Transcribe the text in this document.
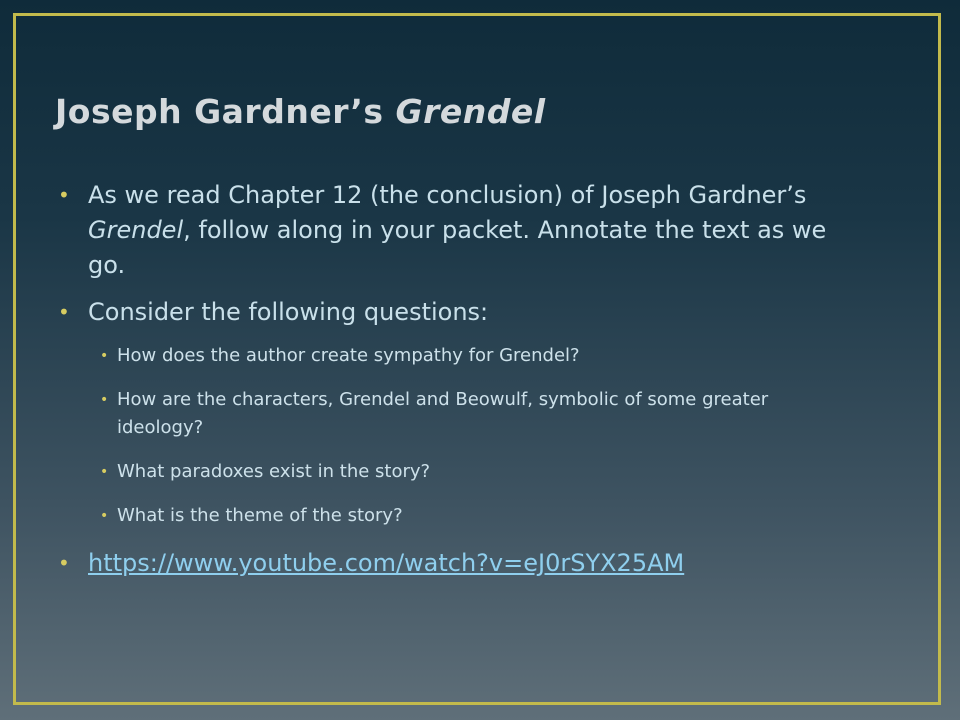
Joseph Gardner’s Grendel
• As we read Chapter 12 (the conclusion) of Joseph Gardner’s Grendel, follow along in your packet. Annotate the text as we go.
• Consider the following questions:
• How does the author create sympathy for Grendel?
• How are the characters, Grendel and Beowulf, symbolic of some greater ideology?
• What paradoxes exist in the story?
• What is the theme of the story?
• https://www.youtube.com/watch?v=eJ0rSYX25AM
